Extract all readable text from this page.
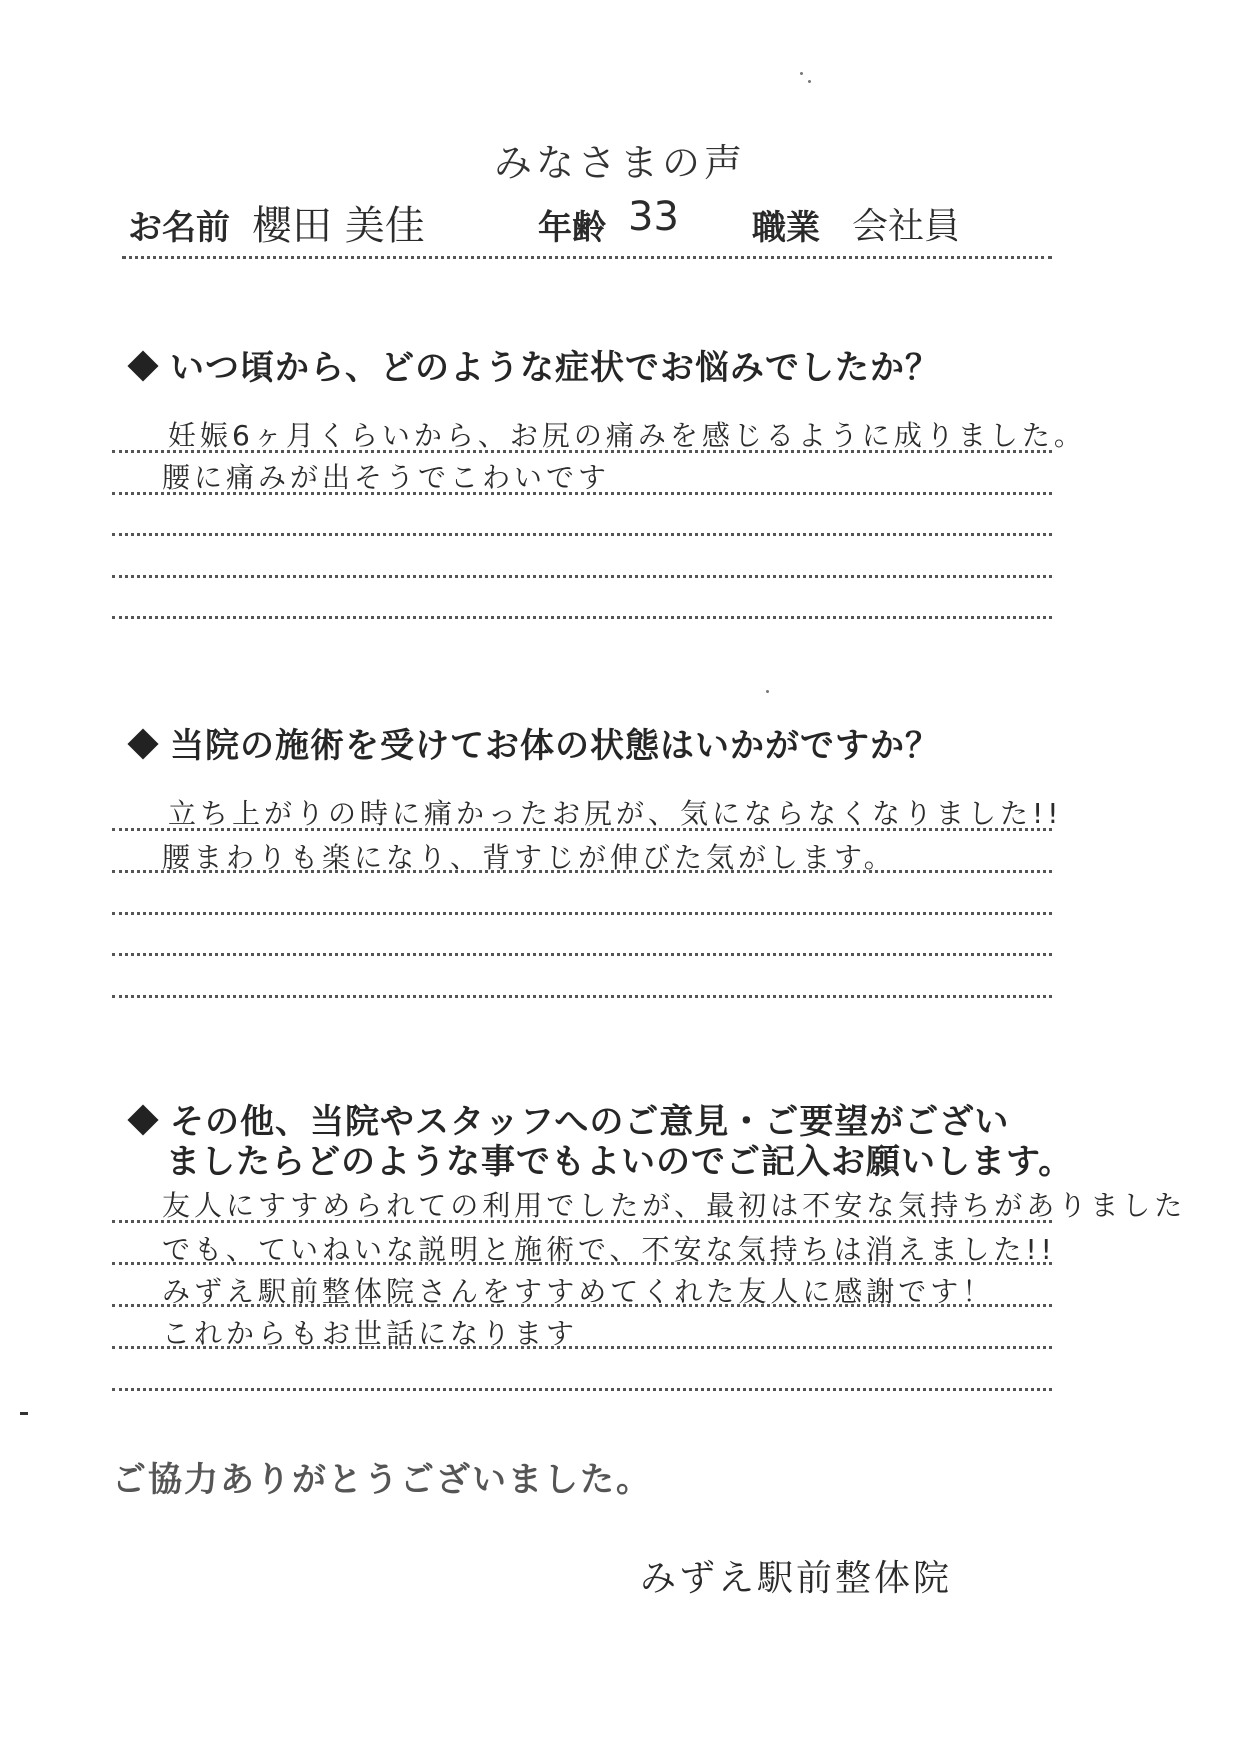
みなさまの声
お名前 櫻田 美佳	年齢 33 職業 会社員
いつ頃から、どのような症状でお悩みでしたか？
妊娠6ヶ月くらいから、お尻の痛みを感じるように成りました。
腰に痛みが出そうでこわいです
当院の施術を受けてお体の状態はいかがですか？
立ち上がりの時に痛かったお尻が、気にならなくなりました!!
腰まわりも楽になり、背すじが伸びた気がします。
その他、当院やスタッフへのご意見・ご要望がござい
ましたらどのような事でもよいのでご記入お願いします。
友人にすすめられての利用でしたが、最初は不安な気持ちがありました
でも、ていねいな説明と施術で、不安な気持ちは消えました!!
みずえ駅前整体院さんをすすめてくれた友人に感謝です！
これからもお世話になります
ご協力ありがとうございました。
みずえ駅前整体院
